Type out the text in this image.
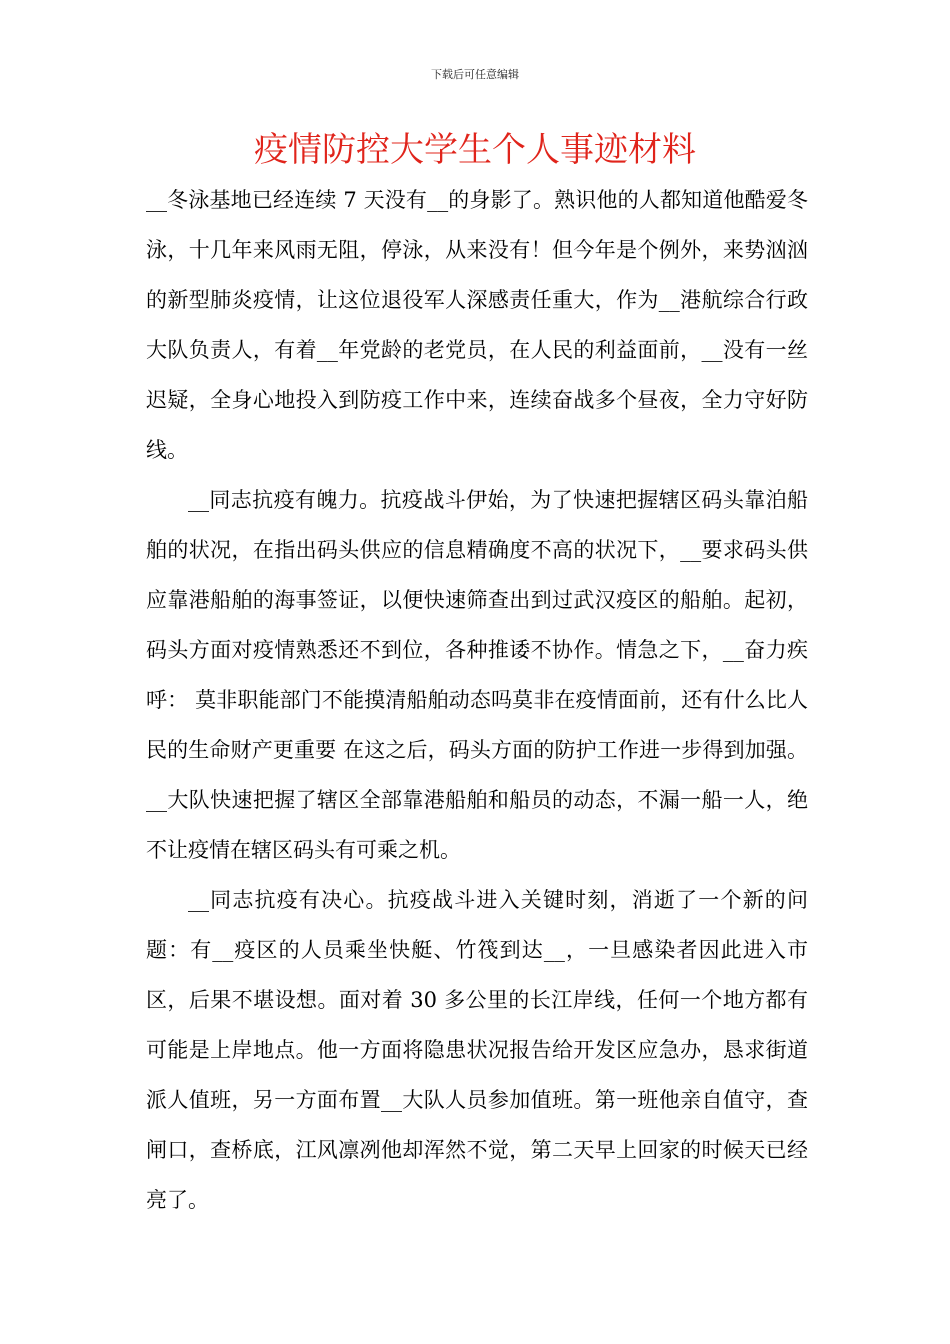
下载后可任意编辑
疫情防控大学生个人事迹材料

__冬泳基地已经连续 7 天没有__的身影了。熟识他的人都知道他酷爱冬泳，十几年来风雨无阻，停泳，从来没有！但今年是个例外，来势汹汹的新型肺炎疫情，让这位退役军人深感责任重大，作为__港航综合行政大队负责人，有着__年党龄的老党员，在人民的利益面前，__没有一丝迟疑，全身心地投入到防疫工作中来，连续奋战多个昼夜，全力守好防线。

__同志抗疫有魄力。抗疫战斗伊始，为了快速把握辖区码头靠泊船舶的状况，在指出码头供应的信息精确度不高的状况下，__要求码头供应靠港船舶的海事签证，以便快速筛查出到过武汉疫区的船舶。起初，码头方面对疫情熟悉还不到位，各种推诿不协作。情急之下，__奋力疾呼： 莫非职能部门不能摸清船舶动态吗莫非在疫情面前，还有什么比人民的生命财产更重要 在这之后，码头方面的防护工作进一步得到加强。__大队快速把握了辖区全部靠港船舶和船员的动态，不漏一船一人，绝不让疫情在辖区码头有可乘之机。

__同志抗疫有决心。抗疫战斗进入关键时刻，消逝了一个新的问题：有__疫区的人员乘坐快艇、竹筏到达__，一旦感染者因此进入市区，后果不堪设想。面对着 30 多公里的长江岸线，任何一个地方都有可能是上岸地点。他一方面将隐患状况报告给开发区应急办，恳求街道派人值班，另一方面布置__大队人员参加值班。第一班他亲自值守，查闸口，查桥底，江风凛冽他却浑然不觉，第二天早上回家的时候天已经亮了。
